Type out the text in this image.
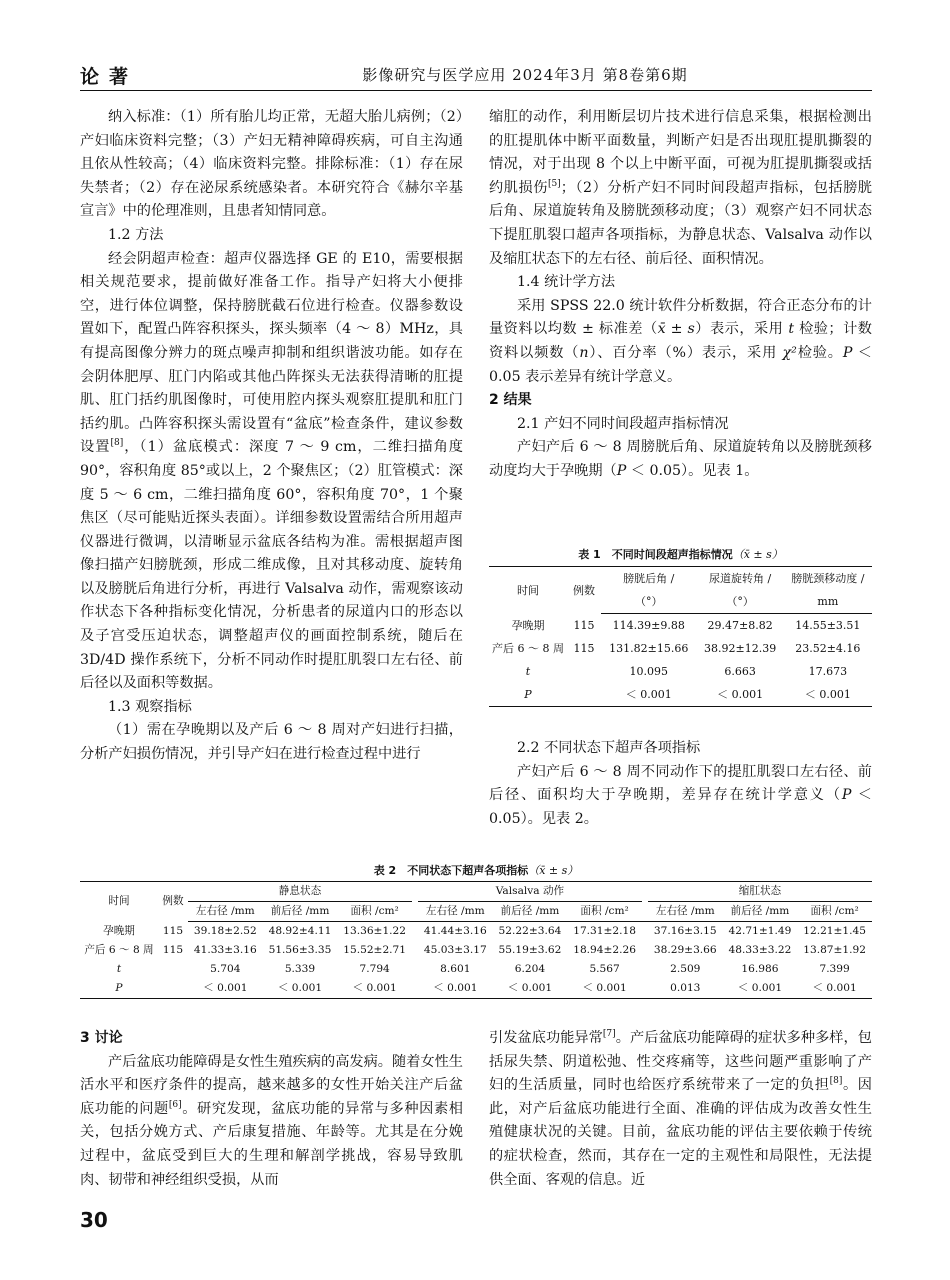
论著	影像研究与医学应用 2024年3月 第8卷第6期

纳入标准：（1）所有胎儿均正常，无超大胎儿病例；（2）产妇临床资料完整；（3）产妇无精神障碍疾病，可自主沟通且依从性较高；（4）临床资料完整。排除标准：（1）存在尿失禁者；（2）存在泌尿系统感染者。本研究符合《赫尔辛基宣言》中的伦理准则，且患者知情同意。

1.2 方法

经会阴超声检查：超声仪器选择 GE 的 E10，需要根据相关规范要求，提前做好准备工作。指导产妇将大小便排空，进行体位调整，保持膀胱截石位进行检查。仪器参数设置如下，配置凸阵容积探头，探头频率（4 ～ 8）MHz，具有提高图像分辨力的斑点噪声抑制和组织谐波功能。如存在会阴体肥厚、肛门内陷或其他凸阵探头无法获得清晰的肛提肌、肛门括约肌图像时，可使用腔内探头观察肛提肌和肛门括约肌。凸阵容积探头需设置有“盆底”检查条件，建议参数设置[8]，（1）盆底模式：深度 7 ～ 9 cm，二维扫描角度 90°，容积角度 85°或以上，2 个聚焦区；（2）肛管模式：深度 5 ～ 6 cm，二维扫描角度 60°，容积角度 70°，1 个聚焦区（尽可能贴近探头表面）。详细参数设置需结合所用超声仪器进行微调，以清晰显示盆底各结构为准。需根据超声图像扫描产妇膀胱颈，形成二维成像，且对其移动度、旋转角以及膀胱后角进行分析，再进行 Valsalva 动作，需观察该动作状态下各种指标变化情况，分析患者的尿道内口的形态以及子宫受压迫状态，调整超声仪的画面控制系统，随后在 3D/4D 操作系统下，分析不同动作时提肛肌裂口左右径、前后径以及面积等数据。

1.3 观察指标

（1）需在孕晚期以及产后 6 ～ 8 周对产妇进行扫描，分析产妇损伤情况，并引导产妇在进行检查过程中进行

缩肛的动作，利用断层切片技术进行信息采集，根据检测出的肛提肌体中断平面数量，判断产妇是否出现肛提肌撕裂的情况，对于出现 8 个以上中断平面，可视为肛提肌撕裂或括约肌损伤[5]；（2）分析产妇不同时间段超声指标，包括膀胱后角、尿道旋转角及膀胱颈移动度；（3）观察产妇不同状态下提肛肌裂口超声各项指标，为静息状态、Valsalva 动作以及缩肛状态下的左右径、前后径、面积情况。

1.4 统计学方法

采用 SPSS 22.0 统计软件分析数据，符合正态分布的计量资料以均数 ± 标准差（x̄ ± s）表示，采用 t 检验；计数资料以频数（n）、百分率（%）表示，采用 χ²检验。P ＜ 0.05 表示差异有统计学意义。

2 结果

2.1 产妇不同时间段超声指标情况

产妇产后 6 ～ 8 周膀胱后角、尿道旋转角以及膀胱颈移动度均大于孕晚期（P ＜ 0.05）。见表 1。

表 1　不同时间段超声指标情况（x̄ ± s）
时间	例数	膀胱后角 /	尿道旋转角 /	膀胱颈移动度 /
		（°）	（°）	mm
孕晚期	115	114.39±9.88	29.47±8.82	14.55±3.51
产后 6 ～ 8 周	115	131.82±15.66	38.92±12.39	23.52±4.16
t		10.095	6.663	17.673
P		＜ 0.001	＜ 0.001	＜ 0.001

2.2 不同状态下超声各项指标

产妇产后 6 ～ 8 周不同动作下的提肛肌裂口左右径、前后径、面积均大于孕晚期，差异存在统计学意义（P ＜ 0.05）。见表 2。

表 2　不同状态下超声各项指标（x̄ ± s）
时间	例数	静息状态				Valsalva 动作				缩肛状态		
		左右径 /mm	前后径 /mm	面积 /cm²		左右径 /mm	前后径 /mm	面积 /cm²		左右径 /mm	前后径 /mm	面积 /cm²
孕晚期	115	39.18±2.52	48.92±4.11	13.36±1.22		41.44±3.16	52.22±3.64	17.31±2.18		37.16±3.15	42.71±1.49	12.21±1.45
产后 6 ～ 8 周	115	41.33±3.16	51.56±3.35	15.52±2.71		45.03±3.17	55.19±3.62	18.94±2.26		38.29±3.66	48.33±3.22	13.87±1.92
t		5.704	5.339	7.794		8.601	6.204	5.567		2.509	16.986	7.399
P		＜ 0.001	＜ 0.001	＜ 0.001		＜ 0.001	＜ 0.001	＜ 0.001		0.013	＜ 0.001	＜ 0.001

3 讨论

产后盆底功能障碍是女性生殖疾病的高发病。随着女性生活水平和医疗条件的提高，越来越多的女性开始关注产后盆底功能的问题[6]。研究发现，盆底功能的异常与多种因素相关，包括分娩方式、产后康复措施、年龄等。尤其是在分娩过程中，盆底受到巨大的生理和解剖学挑战，容易导致肌肉、韧带和神经组织受损，从而

引发盆底功能异常[7]。产后盆底功能障碍的症状多种多样，包括尿失禁、阴道松弛、性交疼痛等，这些问题严重影响了产妇的生活质量，同时也给医疗系统带来了一定的负担[8]。因此，对产后盆底功能进行全面、准确的评估成为改善女性生殖健康状况的关键。目前，盆底功能的评估主要依赖于传统的症状检查，然而，其存在一定的主观性和局限性，无法提供全面、客观的信息。近

30
